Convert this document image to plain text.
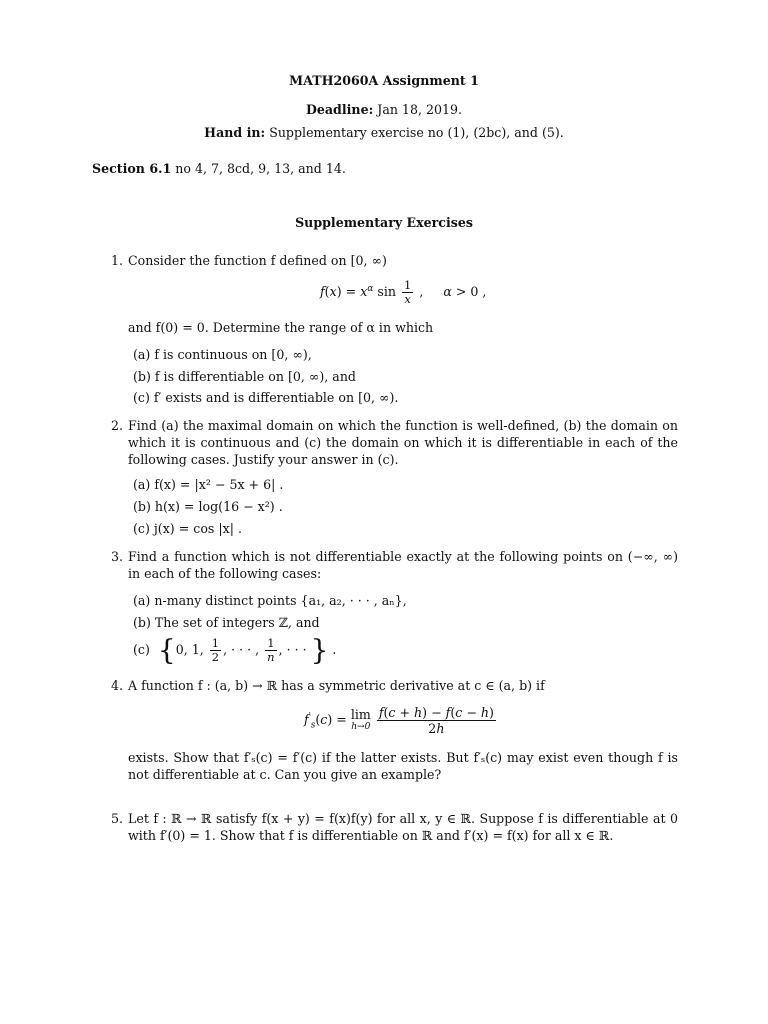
MATH2060A Assignment 1
Deadline: Jan 18, 2019.
Hand in: Supplementary exercise no (1), (2bc), and (5).
Section 6.1 no 4, 7, 8cd, 9, 13, and 14.
Supplementary Exercises
1. Consider the function f defined on [0, ∞)
$f(x) = x^\alpha$ $\sin \frac{1}{x}$ ,     α > 0 ,
and f(0) = 0. Determine the range of α in which
(a) f is continuous on [0, ∞),
(b) f is differentiable on [0, ∞), and
(c) f′ exists and is differentiable on [0, ∞).
2. Find (a) the maximal domain on which the function is well-defined, (b) the domain on which it is continuous and (c) the domain on which it is differentiable in each of the following cases. Justify your answer in (c).
(a) f(x) = |x² − 5x + 6| .
(b) h(x) = log(16 − x²) .
(c) j(x) = cos |x| .
3. Find a function which is not differentiable exactly at the following points on (−∞, ∞) in each of the following cases:
(a) n-many distinct points {a₁, a₂, · · · , aₙ},
(b) The set of integers ℤ, and
(c)  {0, 1, $\frac{1}{2}$ , · · · , $\frac{1}{n}$ , · · · } .
4. A function f : (a, b) → ℝ has a symmetric derivative at c ∈ (a, b) if
$f'_s(c) = \lim$
h→0
$\frac{f(c + h) - f(c - h)}{2h}$
exists. Show that f′ₛ(c) = f′(c) if the latter exists. But f′ₛ(c) may exist even though f is not differentiable at c. Can you give an example?
5. Let f : ℝ → ℝ satisfy f(x + y) = f(x)f(y) for all x, y ∈ ℝ. Suppose f is differentiable at 0 with f′(0) = 1. Show that f is differentiable on ℝ and f′(x) = f(x) for all x ∈ ℝ.
